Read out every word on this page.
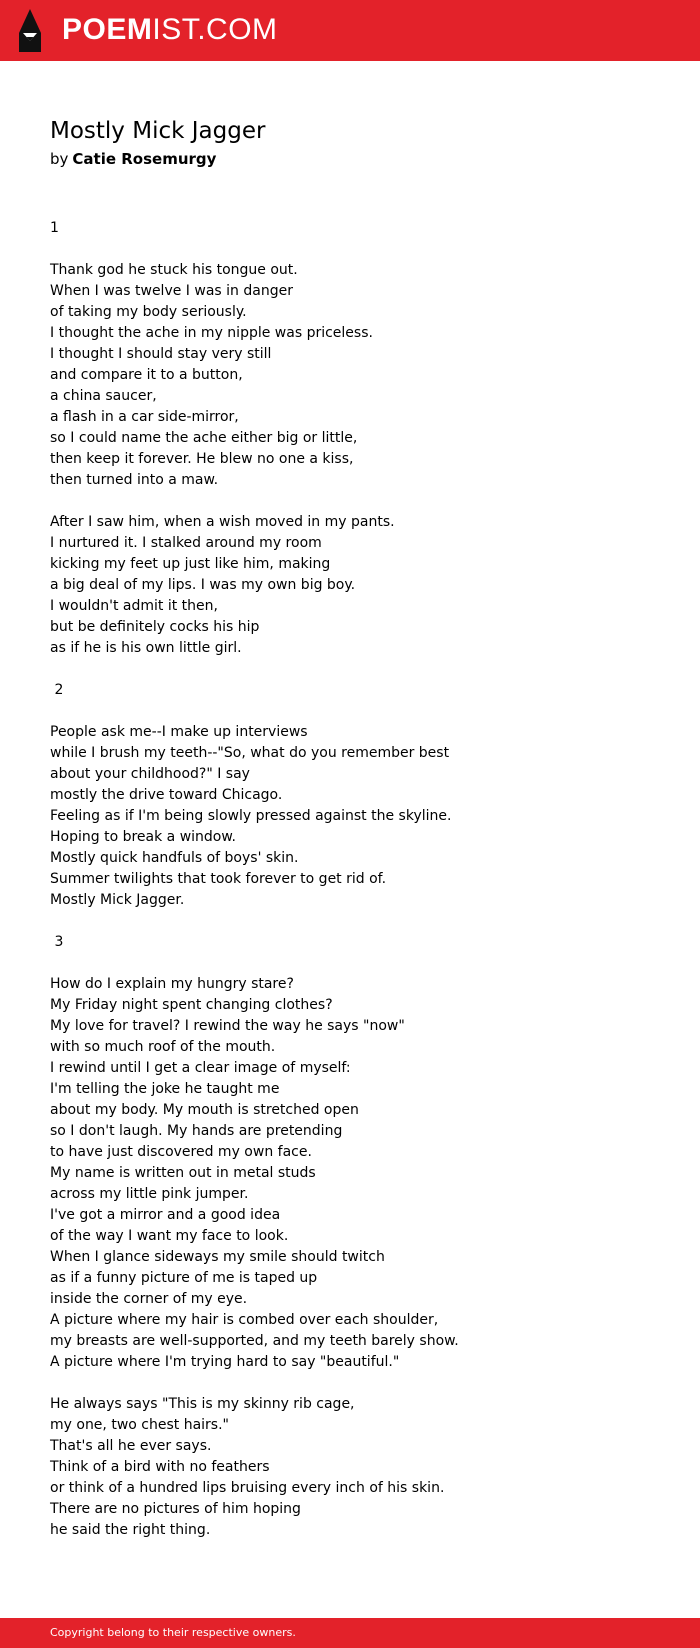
POEMIST.COM
Mostly Mick Jagger
by Catie Rosemurgy
1
Thank god he stuck his tongue out.
When I was twelve I was in danger
of taking my body seriously.
I thought the ache in my nipple was priceless.
I thought I should stay very still
and compare it to a button,
a china saucer,
a flash in a car side-mirror,
so I could name the ache either big or little,
then keep it forever. He blew no one a kiss,
then turned into a maw.
After I saw him, when a wish moved in my pants.
I nurtured it. I stalked around my room
kicking my feet up just like him, making
a big deal of my lips. I was my own big boy.
I wouldn't admit it then,
but be definitely cocks his hip
as if he is his own little girl.
2
People ask me--I make up interviews
while I brush my teeth--"So, what do you remember best
about your childhood?" I say
mostly the drive toward Chicago.
Feeling as if I'm being slowly pressed against the skyline.
Hoping to break a window.
Mostly quick handfuls of boys' skin.
Summer twilights that took forever to get rid of.
Mostly Mick Jagger.
3
How do I explain my hungry stare?
My Friday night spent changing clothes?
My love for travel? I rewind the way he says "now"
with so much roof of the mouth.
I rewind until I get a clear image of myself:
I'm telling the joke he taught me
about my body. My mouth is stretched open
so I don't laugh. My hands are pretending
to have just discovered my own face.
My name is written out in metal studs
across my little pink jumper.
I've got a mirror and a good idea
of the way I want my face to look.
When I glance sideways my smile should twitch
as if a funny picture of me is taped up
inside the corner of my eye.
A picture where my hair is combed over each shoulder,
my breasts are well-supported, and my teeth barely show.
A picture where I'm trying hard to say "beautiful."
He always says "This is my skinny rib cage,
my one, two chest hairs."
That's all he ever says.
Think of a bird with no feathers
or think of a hundred lips bruising every inch of his skin.
There are no pictures of him hoping
he said the right thing.
Copyright belong to their respective owners.
